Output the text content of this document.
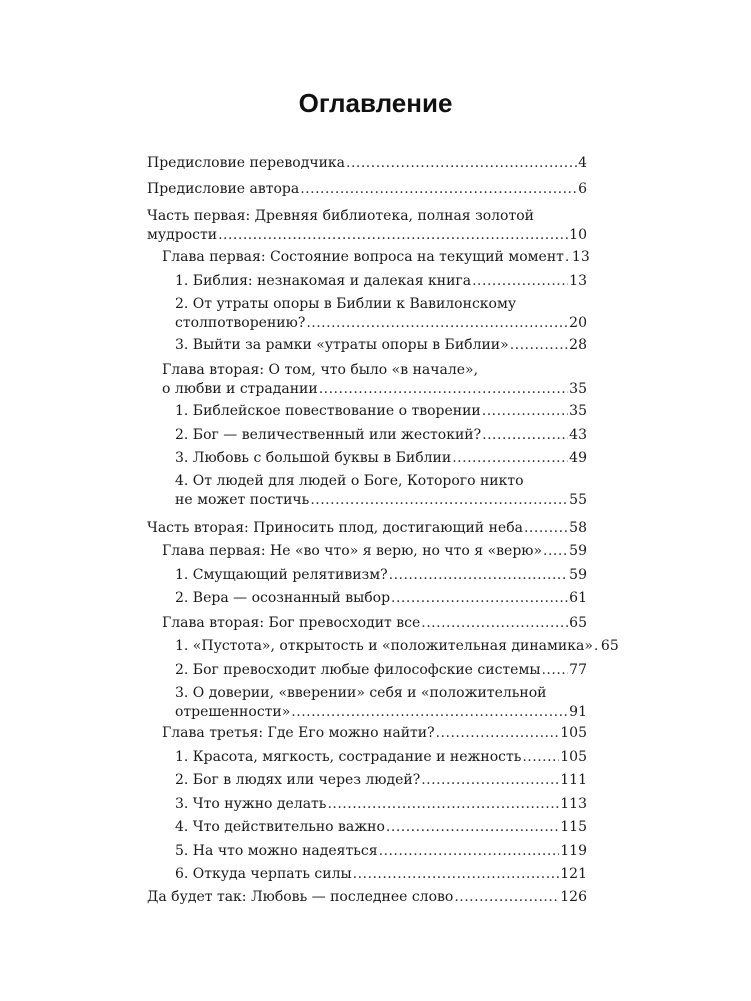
Оглавление
Предисловие переводчика .....	4
Предисловие автора .....	6
Часть первая: Древняя библиотека, полная золотой
мудрости .....	10
Глава первая: Состояние вопроса на текущий момент ..... 13
1. Библия: незнакомая и далекая книга .....	13
2. От утраты опоры в Библии к Вавилонскому
столпотворению? .....	20
3. Выйти за рамки «утраты опоры в Библии» .....	28
Глава вторая: О том, что было «в начале»,
о любви и страдании .....	35
1. Библейское повествование о творении .....	35
2. Бог — величественный или жестокий? .....	43
3. Любовь с большой буквы в Библии .....	49
4. От людей для людей о Боге, Которого никто
не может постичь .....	55
Часть вторая: Приносить плод, достигающий неба .....	58
Глава первая: Не «во что» я верю, но что я «верю» ..... 59
1. Смущающий релятивизм? .....	59
2. Вера — осознанный выбор .....	61
Глава вторая: Бог превосходит все .....	65
1. «Пустота», открытость и «положительная динамика» ..... 65
2. Бог превосходит любые философские системы ..... 77
3. О доверии, «вверении» себя и «положительной
отрешенности» .....	91
Глава третья: Где Его можно найти? .....	105
1. Красота, мягкость, сострадание и нежность .....	105
2. Бог в людях или через людей? .....	111
3. Что нужно делать .....	113
4. Что действительно важно .....	115
5. На что можно надеяться .....	119
6. Откуда черпать силы .....	121
Да будет так: Любовь — последнее слово .....	126
